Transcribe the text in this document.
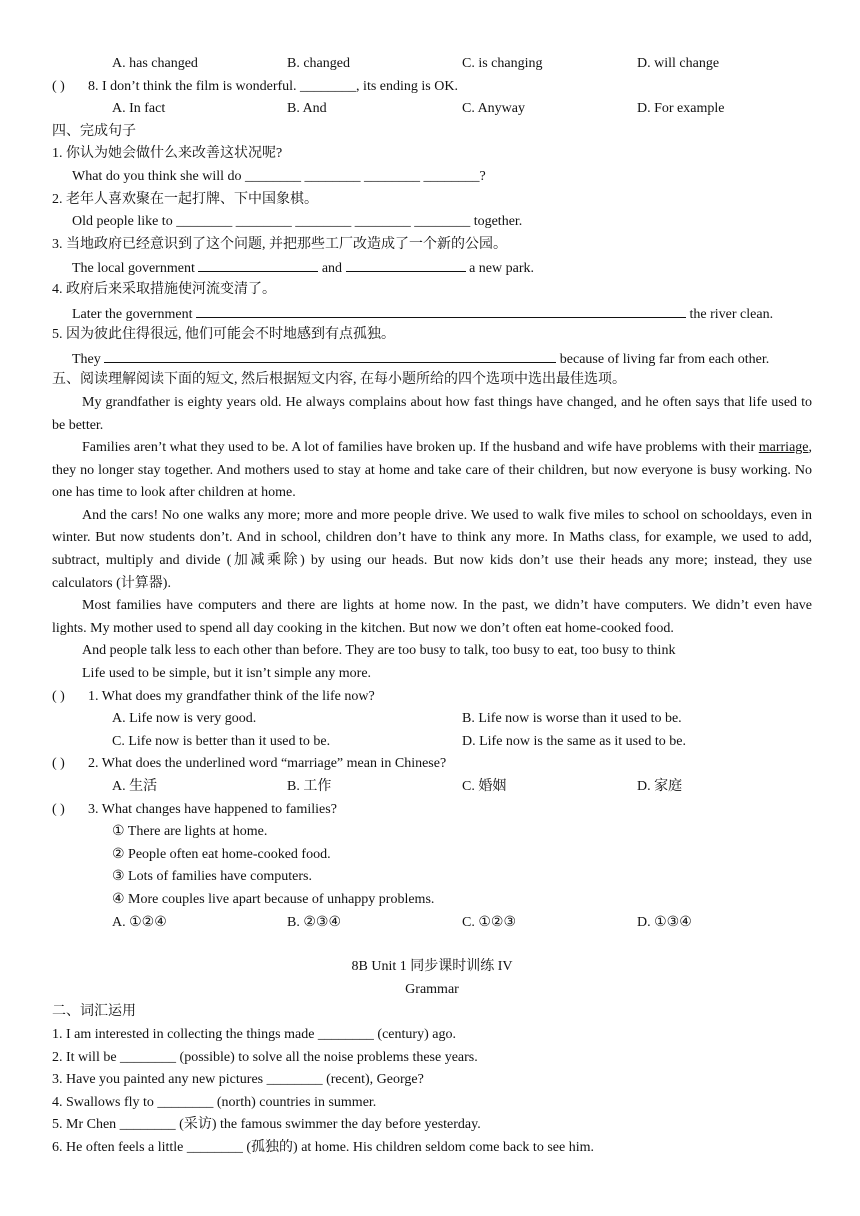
A. has changed	B. changed	C. is changing	D. will change
( ) 8. I don’t think the film is wonderful. ________, its ending is OK.
A. In fact	B. And	C. Anyway	D. For example
四、完成句子
1. 你认为她会做什么来改善这状况呢?
What do you think she will do ________ ________ ________ ________?
2. 老年人喜欢聚在一起打牌、下中国象棋。
Old people like to ________ ________ ________ ________ ________ together.
3. 当地政府已经意识到了这个问题, 并把那些工厂改造成了一个新的公园。
The local government	and	a new park.
4. 政府后来采取措施使河流变清了。
Later the government	the river clean.
5. 因为彼此住得很远, 他们可能会不时地感到有点孤独。
They	because of living far from each other.
五、阅读理解阅读下面的短文, 然后根据短文内容, 在每小题所给的四个选项中选出最佳选项。
My grandfather is eighty years old. He always complains about how fast things have changed, and he often says that life used to be better.
Families aren’t what they used to be. A lot of families have broken up. If the husband and wife have problems with their marriage, they no longer stay together. And mothers used to stay at home and take care of their children, but now everyone is busy working. No one has time to look after children at home.
And the cars! No one walks any more; more and more people drive. We used to walk five miles to school on schooldays, even in winter. But now students don’t. And in school, children don’t have to think any more. In Maths class, for example, we used to add, subtract, multiply and divide (加减乘除) by using our heads. But now kids don’t use their heads any more; instead, they use calculators (计算器).
Most families have computers and there are lights at home now. In the past, we didn’t have computers. We didn’t even have lights. My mother used to spend all day cooking in the kitchen. But now we don’t often eat home-cooked food.
And people talk less to each other than before. They are too busy to talk, too busy to eat, too busy to think
Life used to be simple, but it isn’t simple any more.
( ) 1. What does my grandfather think of the life now?
A. Life now is very good.	B. Life now is worse than it used to be.
C. Life now is better than it used to be.	D. Life now is the same as it used to be.
( ) 2. What does the underlined word “marriage” mean in Chinese?
A. 生活	B. 工作	C. 婚姻	D. 家庭
( ) 3. What changes have happened to families?
① There are lights at home.
② People often eat home-cooked food.
③ Lots of families have computers.
④ More couples live apart because of unhappy problems.
A. ①②④	B. ②③④	C. ①②③	D. ①③④
8B Unit 1 同步课时训练 IV
Grammar
二、词汇运用
1. I am interested in collecting the things made ________ (century) ago.
2. It will be ________ (possible) to solve all the noise problems these years.
3. Have you painted any new pictures ________ (recent), George?
4. Swallows fly to ________ (north) countries in summer.
5. Mr Chen ________ (采访) the famous swimmer the day before yesterday.
6. He often feels a little ________ (孤独的) at home. His children seldom come back to see him.
